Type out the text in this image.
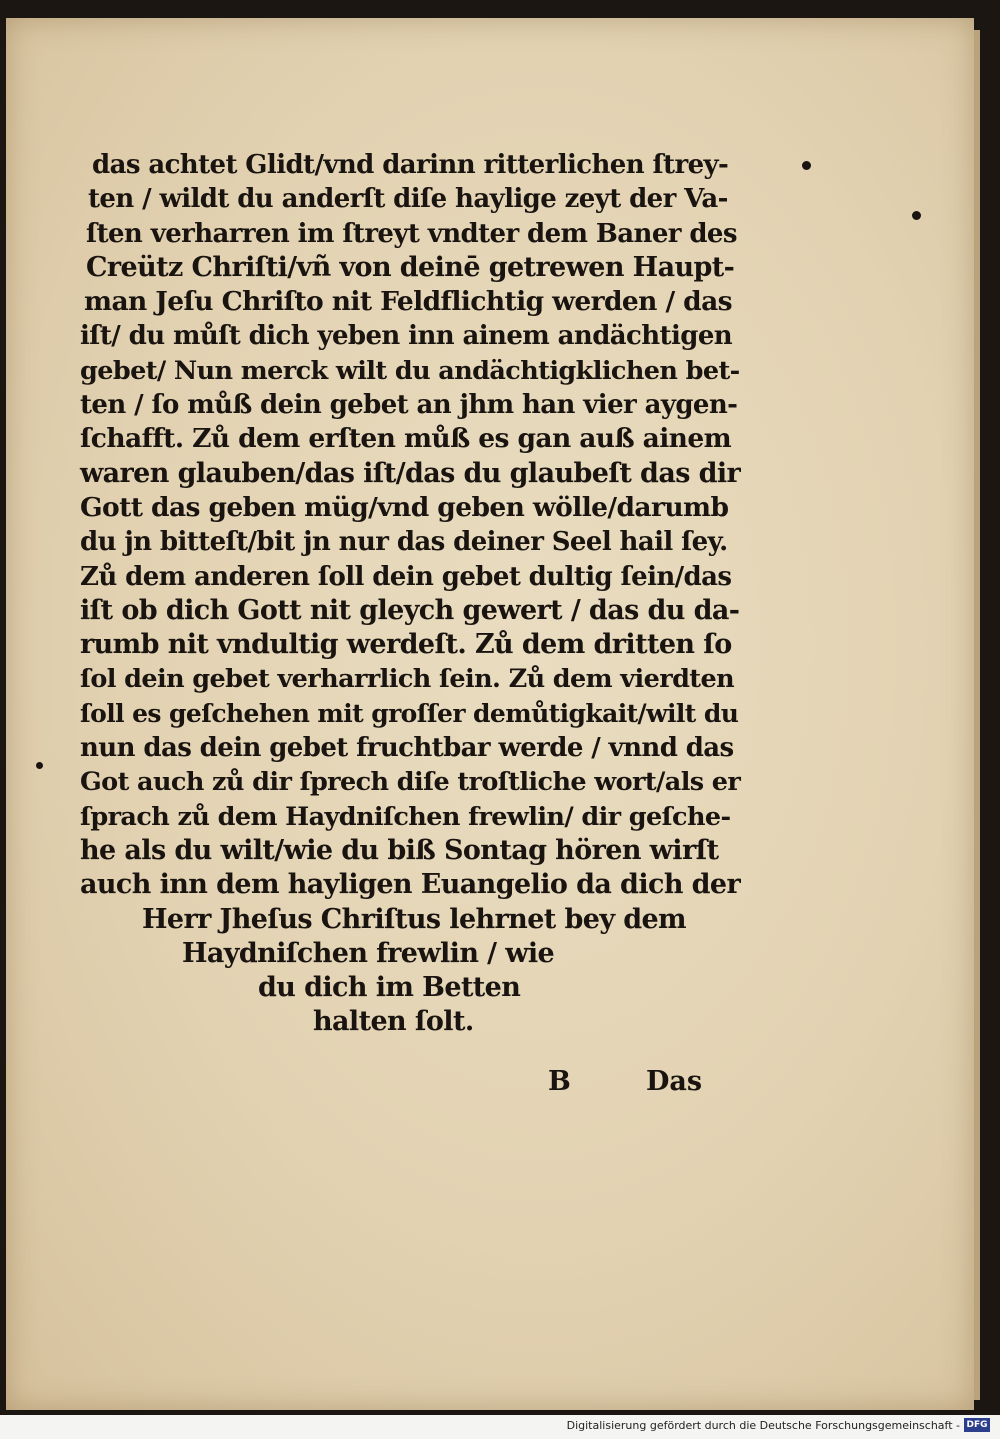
das achtet Glidt/vnd darinn ritterlichen ſtrey-
ten / wildt du anderſt diſe haylige zeyt der Va-
ſten verharren im ſtreyt vndter dem Baner des
Creütz Chriſti/vñ von deinē getrewen Haupt-
man Jeſu Chriſto nit Feldflichtig werden / das
iſt/ du můſt dich yeben inn ainem andächtigen
gebet/ Nun merck wilt du andächtigklichen bet-
ten / ſo můß dein gebet an jhm han vier aygen-
ſchafft. Zů dem erſten můß es gan auß ainem
waren glauben/das iſt/das du glaubeſt das dir
Gott das geben müg/vnd geben wölle/darumb
du jn bitteſt/bit jn nur das deiner Seel hail ſey.
Zů dem anderen ſoll dein gebet dultig ſein/das
iſt ob dich Gott nit gleych gewert / das du da-
rumb nit vndultig werdeſt. Zů dem dritten ſo
ſol dein gebet verharrlich ſein. Zů dem vierdten
ſoll es geſchehen mit groſſer demůtigkait/wilt du
nun das dein gebet fruchtbar werde / vnnd das
Got auch zů dir ſprech diſe troſtliche wort/als er
ſprach zů dem Haydniſchen frewlin/ dir geſche-
he als du wilt/wie du biß Sontag hören wirſt
auch inn dem hayligen Euangelio da dich der
Herr Jheſus Chriſtus lehrnet bey dem
Haydniſchen frewlin / wie
du dich im Betten
halten ſolt.
B	Das
Digitalisierung gefördert durch die Deutsche Forschungsgemeinschaft - DFG
